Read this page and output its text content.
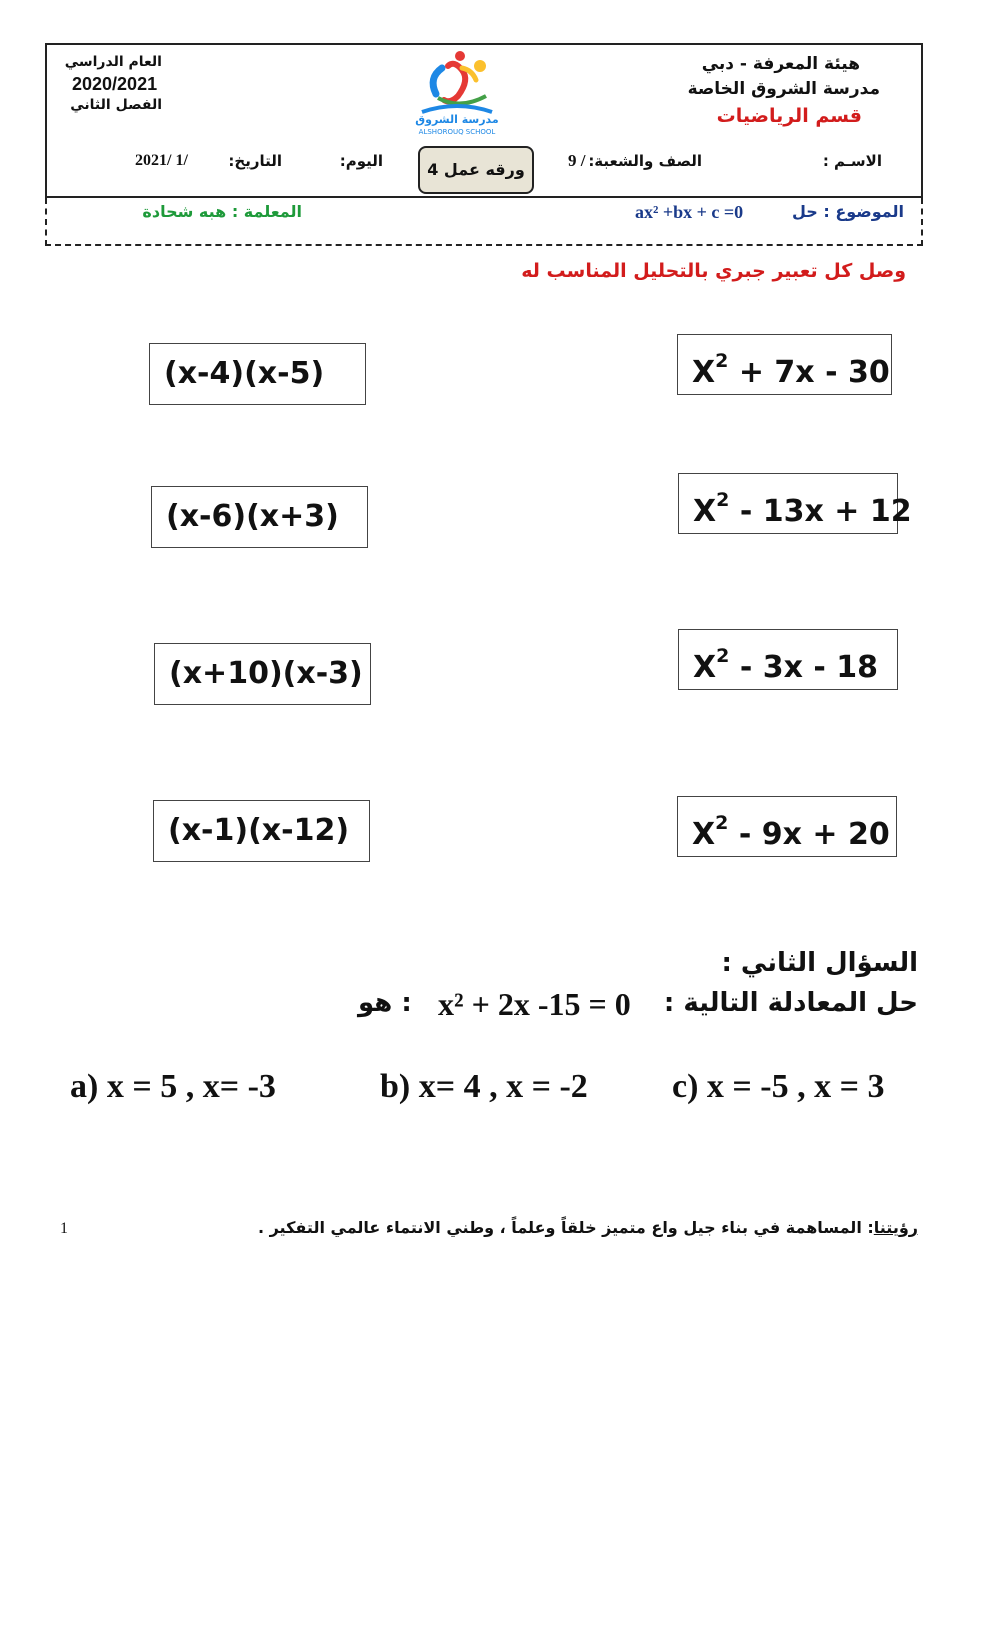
هيئة المعرفة - دبي
مدرسة الشروق الخاصة
قسم الرياضيات
العام الدراسي
2020/2021
الفصل الثاني
مدرسة الشروق
ALSHOROUQ SCHOOL
الاسـم :
الصف والشعبة:
9 /
ورقه عمل 4
اليوم:
التاريخ:
2021/ 1/
الموضوع : حل
ax² +bx + c =0
المعلمة : هبه شحادة
وصل كل تعبير جبري بالتحليل المناسب له
$X^2 + 7x - 30$
$X^2 - 13x + 12$
$X^2 - 3x - 18$
$X^2 - 9x + 20$
(x-4)(x-5)
(x-6)(x+3)
(x+10)(x-3)
(x-1)(x-12)
السؤال الثاني :
حل المعادلة التالية :
x² + 2x -15 = 0
: هو
a) x = 5 , x= -3	b) x= 4 , x = -2 c) x = -5 , x = 3
رؤيتنا: المساهمة في بناء جيل واع متميز خلقاً وعلماً ، وطني الانتماء عالمي التفكير .
1
